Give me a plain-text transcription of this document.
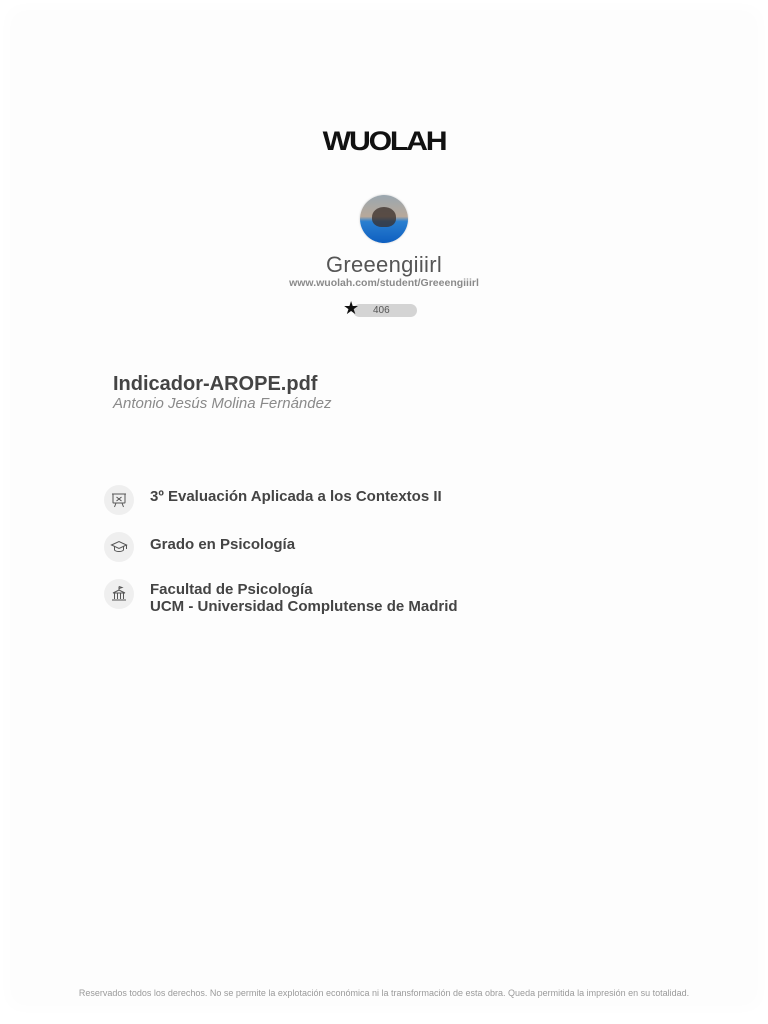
WUOLAH
Greeengiiirl
www.wuolah.com/student/Greeengiiirl
★ 406
Indicador-AROPE.pdf
Antonio Jesús Molina Fernández
3º Evaluación Aplicada a los Contextos II
Grado en Psicología
Facultad de Psicología
UCM - Universidad Complutense de Madrid
Reservados todos los derechos. No se permite la explotación económica ni la transformación de esta obra. Queda permitida la impresión en su totalidad.
